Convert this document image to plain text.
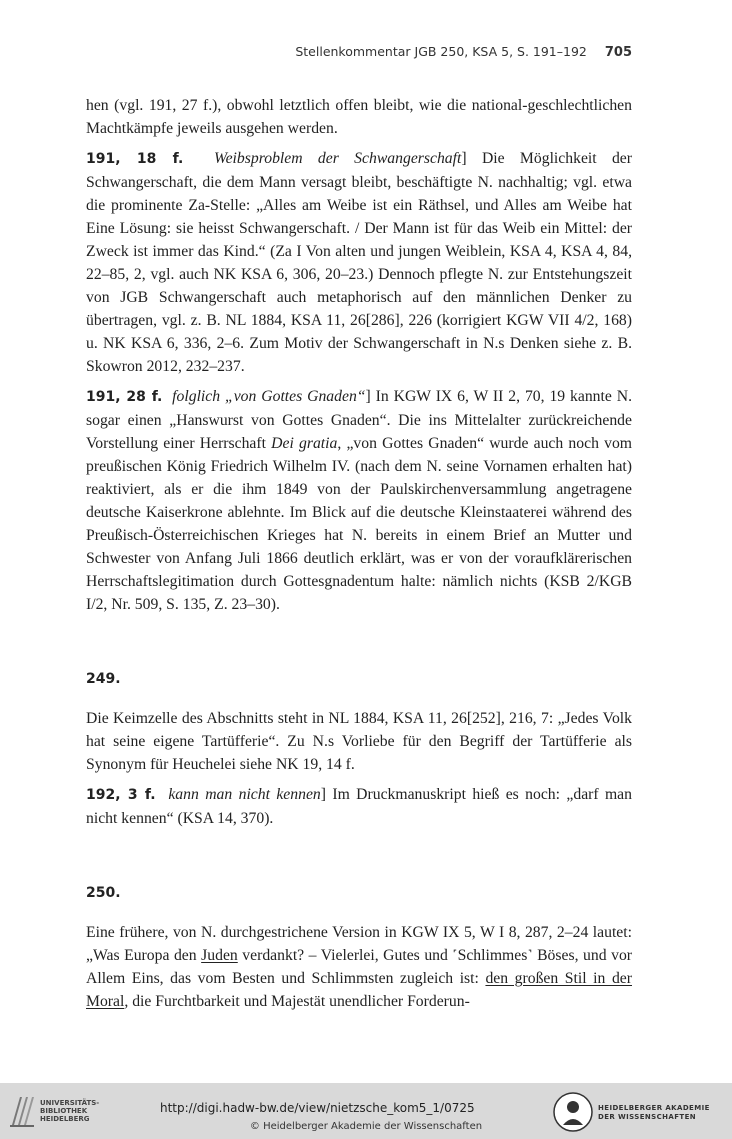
Stellenkommentar JGB 250, KSA 5, S. 191–192 705

hen (vgl. 191, 27 f.), obwohl letztlich offen bleibt, wie die national-geschlechtlichen Machtkämpfe jeweils ausgehen werden.

191, 18 f. Weibsproblem der Schwangerschaft] Die Möglichkeit der Schwangerschaft, die dem Mann versagt bleibt, beschäftigte N. nachhaltig; vgl. etwa die prominente Za-Stelle: „Alles am Weibe ist ein Räthsel, und Alles am Weibe hat Eine Lösung: sie heisst Schwangerschaft. / Der Mann ist für das Weib ein Mittel: der Zweck ist immer das Kind.“ (Za I Von alten und jungen Weiblein, KSA 4, KSA 4, 84, 22–85, 2, vgl. auch NK KSA 6, 306, 20–23.) Dennoch pflegte N. zur Entstehungszeit von JGB Schwangerschaft auch metaphorisch auf den männlichen Denker zu übertragen, vgl. z. B. NL 1884, KSA 11, 26[286], 226 (korrigiert KGW VII 4/2, 168) u. NK KSA 6, 336, 2–6. Zum Motiv der Schwangerschaft in N.s Denken siehe z. B. Skowron 2012, 232–237.

191, 28 f. folglich „von Gottes Gnaden“] In KGW IX 6, W II 2, 70, 19 kannte N. sogar einen „Hanswurst von Gottes Gnaden“. Die ins Mittelalter zurückreichende Vorstellung einer Herrschaft Dei gratia, „von Gottes Gnaden“ wurde auch noch vom preußischen König Friedrich Wilhelm IV. (nach dem N. seine Vornamen erhalten hat) reaktiviert, als er die ihm 1849 von der Paulskirchenversammlung angetragene deutsche Kaiserkrone ablehnte. Im Blick auf die deutsche Kleinstaaterei während des Preußisch-Österreichischen Krieges hat N. bereits in einem Brief an Mutter und Schwester von Anfang Juli 1866 deutlich erklärt, was er von der voraufklärerischen Herrschaftslegitimation durch Gottesgnadentum halte: nämlich nichts (KSB 2/KGB I/2, Nr. 509, S. 135, Z. 23–30).

249.

Die Keimzelle des Abschnitts steht in NL 1884, KSA 11, 26[252], 216, 7: „Jedes Volk hat seine eigene Tartüfferie“. Zu N.s Vorliebe für den Begriff der Tartüfferie als Synonym für Heuchelei siehe NK 19, 14 f.

192, 3 f. kann man nicht kennen] Im Druckmanuskript hieß es noch: „darf man nicht kennen“ (KSA 14, 370).

250.

Eine frühere, von N. durchgestrichene Version in KGW IX 5, W I 8, 287, 2–24 lautet: „Was Europa den Juden verdankt? – Vielerlei, Gutes und ˹Schlimmes˺ Böses, und vor Allem Eins, das vom Besten und Schlimmsten zugleich ist: den großen Stil in der Moral, die Furchtbarkeit und Majestät unendlicher Forderun-

UNIVERSITÄTS-
BIBLIOTHEK
HEIDELBERG
http://digi.hadw-bw.de/view/nietzsche_kom5_1/0725
© Heidelberger Akademie der Wissenschaften
HEIDELBERGER AKADEMIE
DER WISSENSCHAFTEN
